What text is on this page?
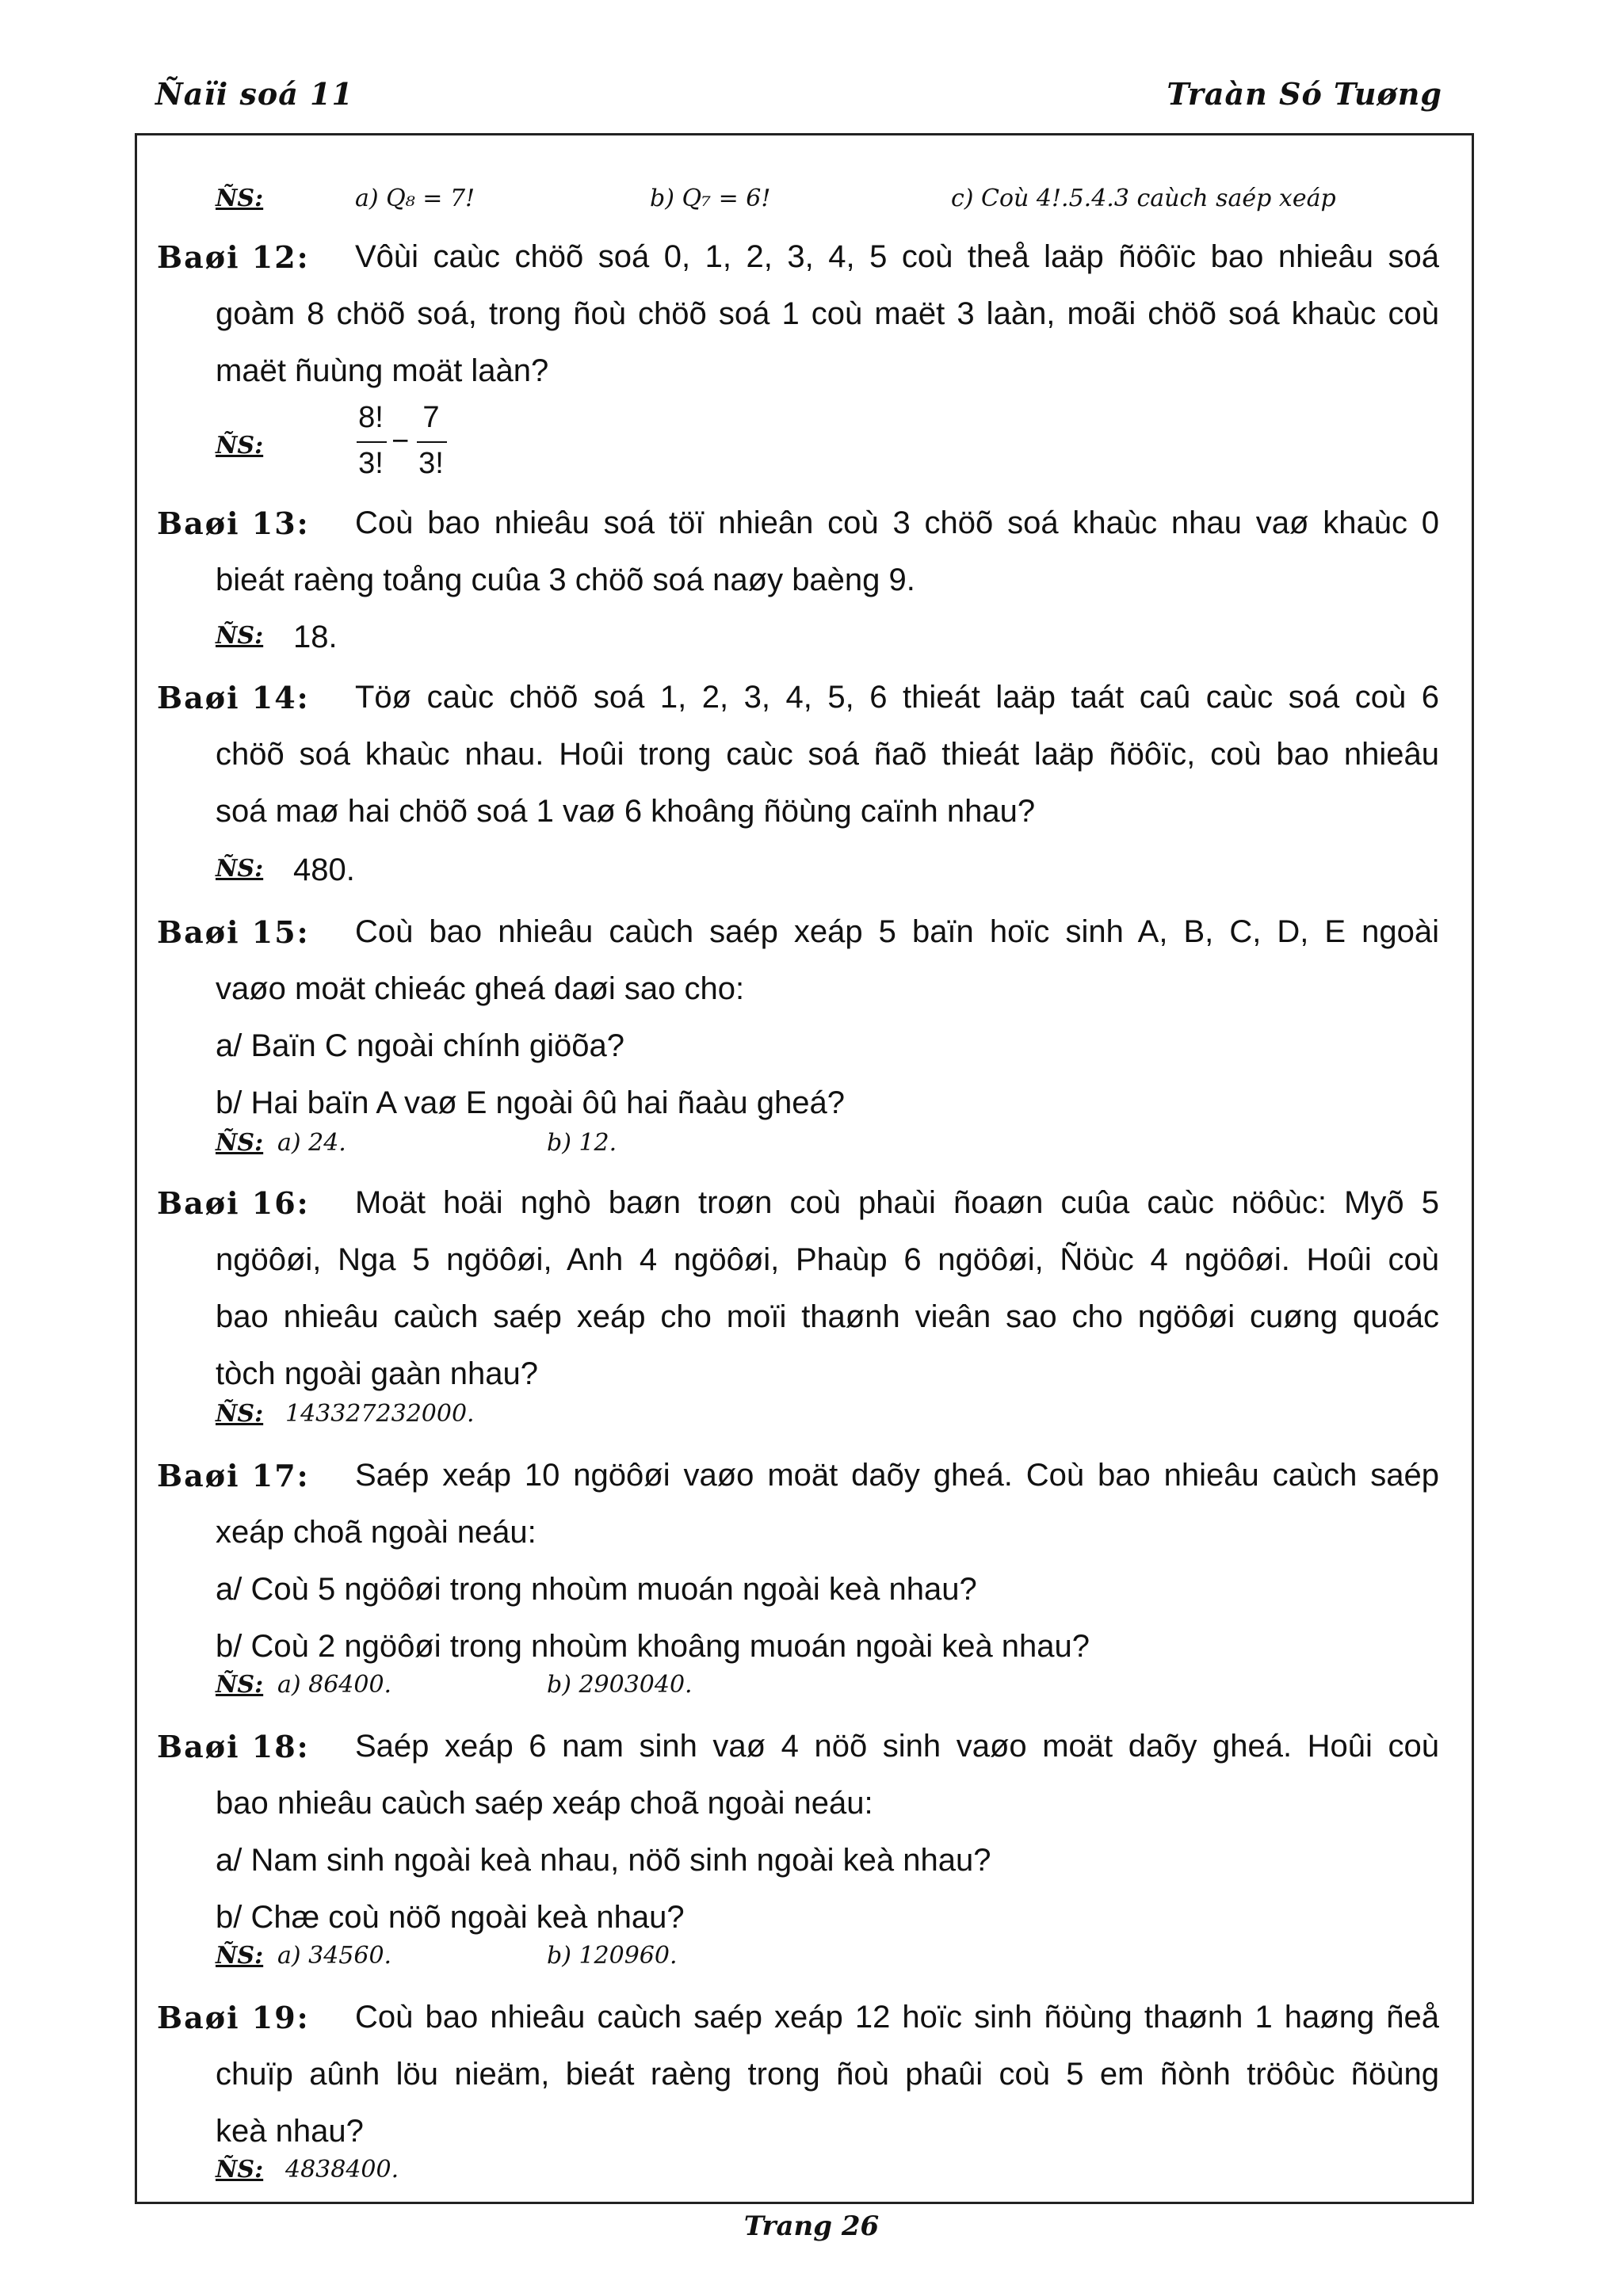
Ñaïi soá 11	Traàn Só Tuøng
ÑS:	a) Q₈ = 7!	b) Q₇ = 6!	c) Coù 4!.5.4.3 caùch saép xeáp
Baøi 12:	Vôùi caùc chöõ soá 0, 1, 2, 3, 4, 5 coù theå laäp ñöôïc bao nhieâu soá
goàm 8 chöõ soá, trong ñoù chöõ soá 1 coù maët 3 laàn, moãi chöõ soá khaùc coù
maët ñuùng moät laàn?
ÑS:
8!
3!
−
7
3!
Baøi 13:	Coù bao nhieâu soá töï nhieân coù 3 chöõ soá khaùc nhau vaø khaùc 0
bieát raèng toång cuûa 3 chöõ soá naøy baèng 9.
ÑS: 18.
Baøi 14:	Töø caùc chöõ soá 1, 2, 3, 4, 5, 6 thieát laäp taát caû caùc soá coù 6
chöõ soá khaùc nhau. Hoûi trong caùc soá ñaõ thieát laäp ñöôïc, coù bao nhieâu
soá maø hai chöõ soá 1 vaø 6 khoâng ñöùng caïnh nhau?
ÑS: 480.
Baøi 15:	Coù bao nhieâu caùch saép xeáp 5 baïn hoïc sinh A, B, C, D, E ngoài
vaøo moät chieác gheá daøi sao cho:
a/ Baïn C ngoài chính giöõa?
b/ Hai baïn A vaø E ngoài ôû hai ñaàu gheá?
ÑS: a) 24.	b) 12.
Baøi 16:	Moät hoäi nghò baøn troøn coù phaùi ñoaøn cuûa caùc nöôùc: Myõ 5
ngöôøi, Nga 5 ngöôøi, Anh 4 ngöôøi, Phaùp 6 ngöôøi, Ñöùc 4 ngöôøi. Hoûi coù
bao nhieâu caùch saép xeáp cho moïi thaønh vieân sao cho ngöôøi cuøng quoác
tòch ngoài gaàn nhau?
ÑS: 143327232000.
Baøi 17:	Saép xeáp 10 ngöôøi vaøo moät daõy gheá. Coù bao nhieâu caùch saép
xeáp choã ngoài neáu:
a/ Coù 5 ngöôøi trong nhoùm muoán ngoài keà nhau?
b/ Coù 2 ngöôøi trong nhoùm khoâng muoán ngoài keà nhau?
ÑS: a) 86400.	b) 2903040.
Baøi 18:	Saép xeáp 6 nam sinh vaø 4 nöõ sinh vaøo moät daõy gheá. Hoûi coù
bao nhieâu caùch saép xeáp choã ngoài neáu:
a/ Nam sinh ngoài keà nhau, nöõ sinh ngoài keà nhau?
b/ Chæ coù nöõ ngoài keà nhau?
ÑS: a) 34560.	b) 120960.
Baøi 19:	Coù bao nhieâu caùch saép xeáp 12 hoïc sinh ñöùng thaønh 1 haøng ñeå
chuïp aûnh löu nieäm, bieát raèng trong ñoù phaûi coù 5 em ñònh tröôùc ñöùng
keà nhau?
ÑS: 4838400.
Trang 26
